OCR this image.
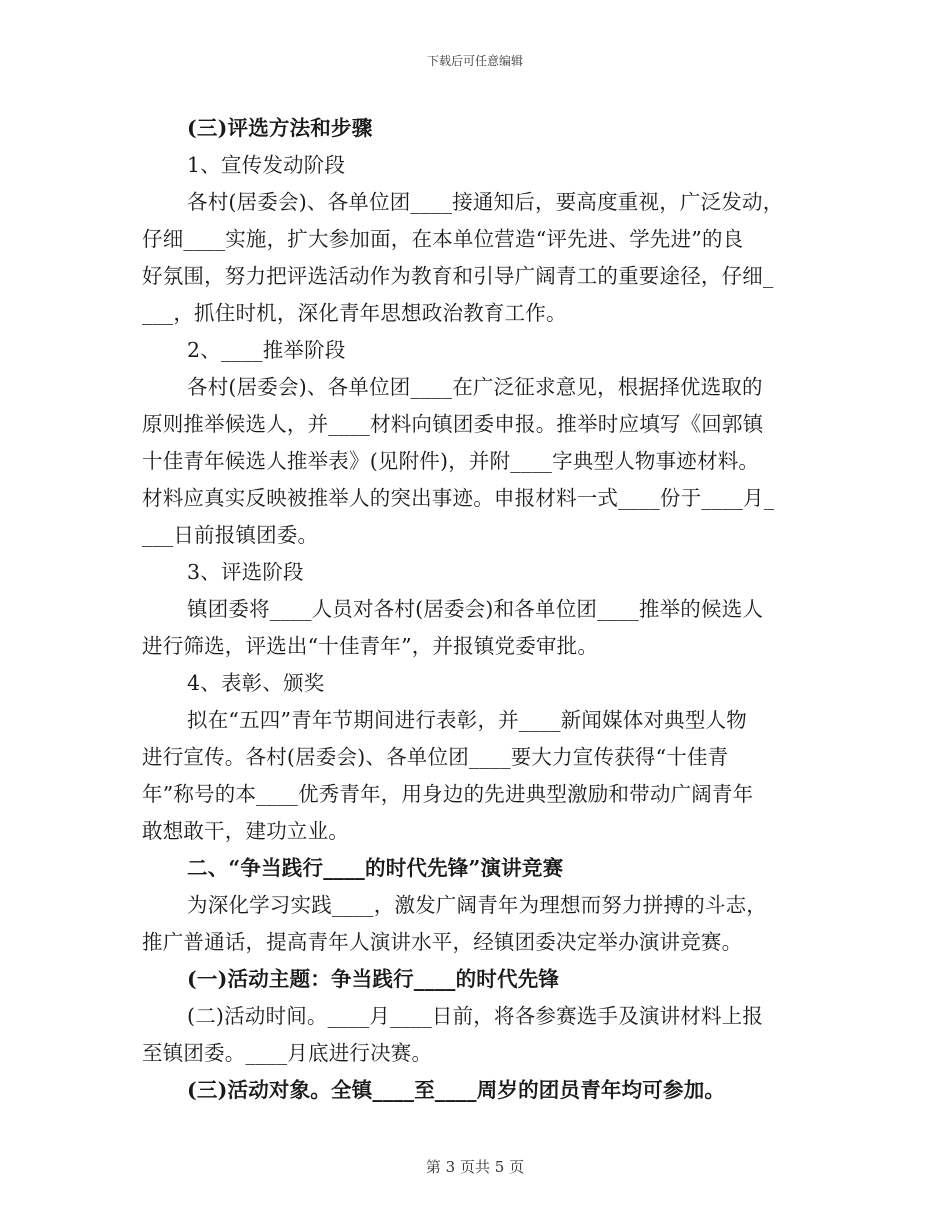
下载后可任意编辑
(三)评选方法和步骤
1、宣传发动阶段
各村(居委会)、各单位团____接通知后，要高度重视，广泛发动，
仔细____实施，扩大参加面，在本单位营造“评先进、学先进”的良
好氛围，努力把评选活动作为教育和引导广阔青工的重要途径，仔细_
___，抓住时机，深化青年思想政治教育工作。
2、____推举阶段
各村(居委会)、各单位团____在广泛征求意见，根据择优选取的
原则推举候选人，并____材料向镇团委申报。推举时应填写《回郭镇
十佳青年候选人推举表》(见附件)，并附____字典型人物事迹材料。
材料应真实反映被推举人的突出事迹。申报材料一式____份于____月_
___日前报镇团委。
3、评选阶段
镇团委将____人员对各村(居委会)和各单位团____推举的候选人
进行筛选，评选出“十佳青年”，并报镇党委审批。
4、表彰、颁奖
拟在“五四”青年节期间进行表彰，并____新闻媒体对典型人物
进行宣传。各村(居委会)、各单位团____要大力宣传获得“十佳青
年”称号的本____优秀青年，用身边的先进典型激励和带动广阔青年
敢想敢干，建功立业。
二、“争当践行____的时代先锋”演讲竞赛
为深化学习实践____，激发广阔青年为理想而努力拼搏的斗志，
推广普通话，提高青年人演讲水平，经镇团委决定举办演讲竞赛。
(一)活动主题：争当践行____的时代先锋
(二)活动时间。____月____日前，将各参赛选手及演讲材料上报
至镇团委。____月底进行决赛。
(三)活动对象。全镇____至____周岁的团员青年均可参加。
第 3 页共 5 页
